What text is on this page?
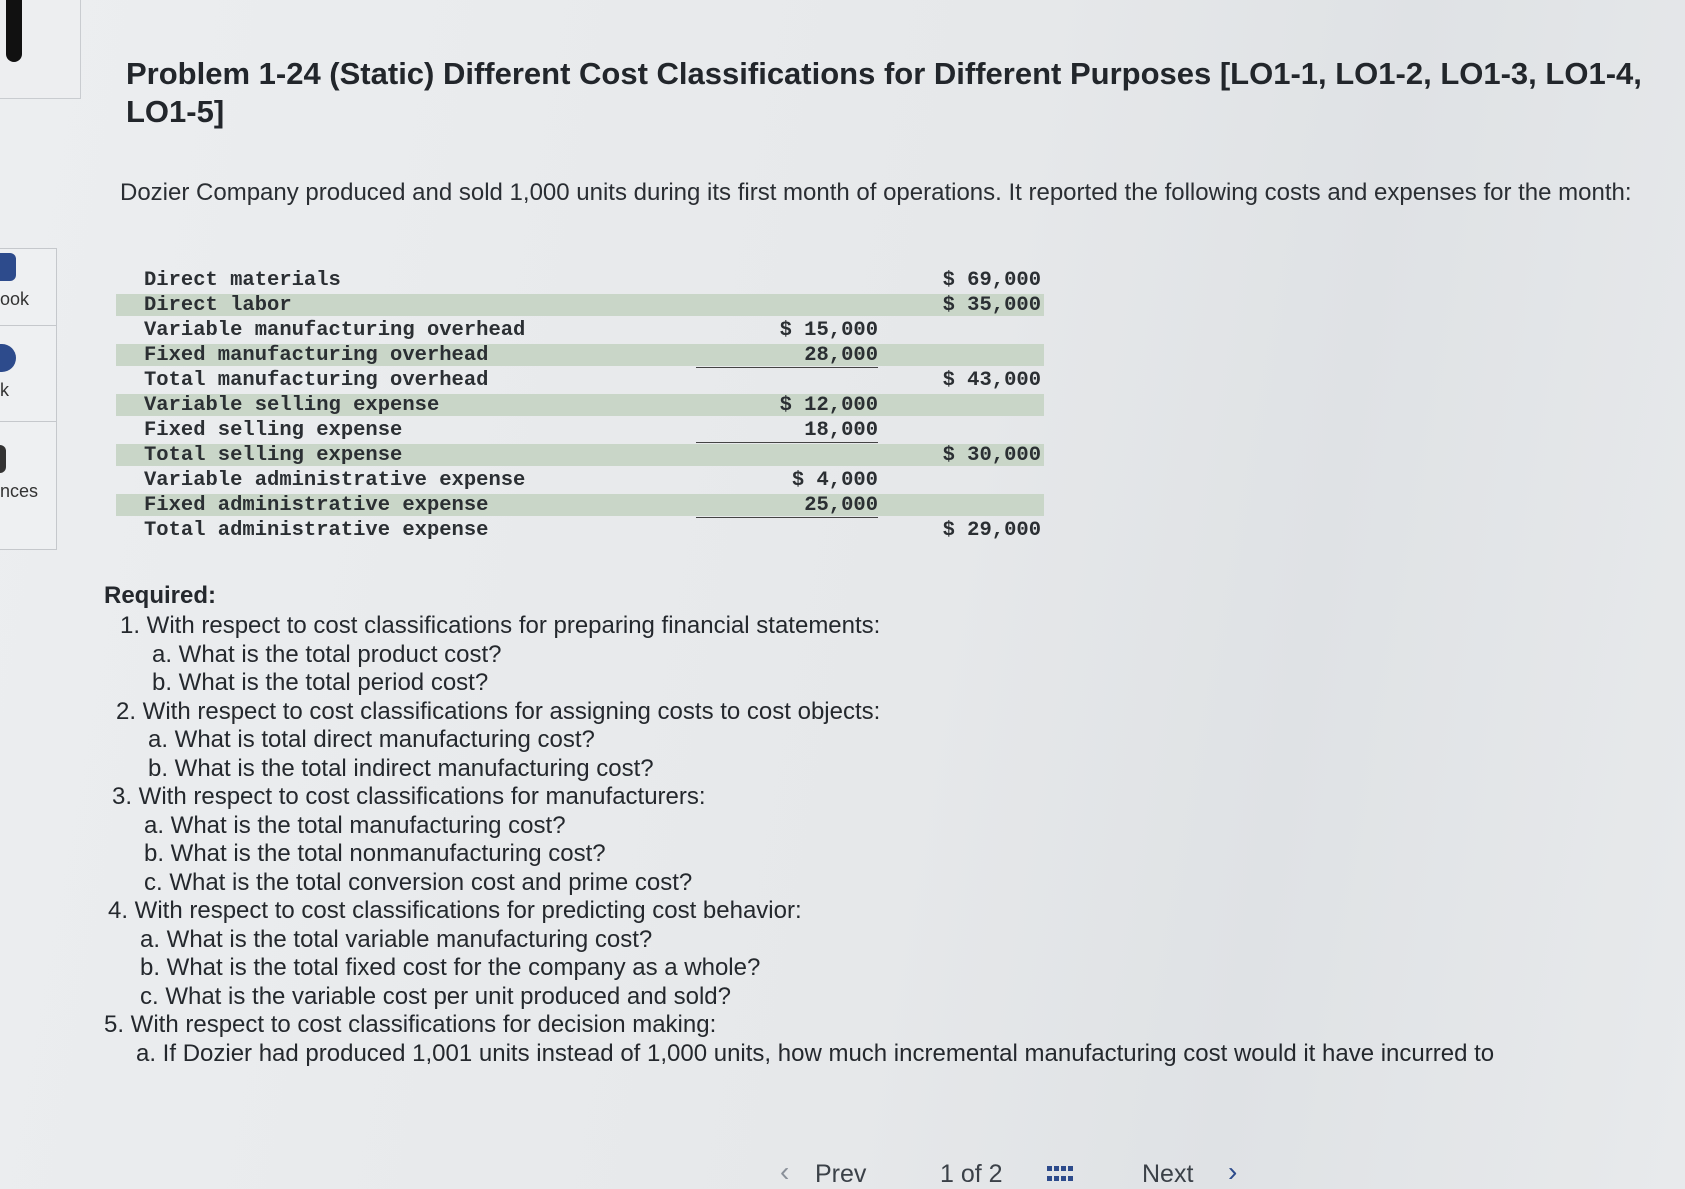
ook
k
nces
Problem 1-24 (Static) Different Cost Classifications for Different Purposes [LO1-1, LO1-2, LO1-3, LO1-4, LO1-5]
Dozier Company produced and sold 1,000 units during its first month of operations. It reported the following costs and expenses for the month:
Direct materials	$ 69,000
Direct labor	$ 35,000
Variable manufacturing overhead	$ 15,000
Fixed manufacturing overhead	28,000
Total manufacturing overhead	$ 43,000
Variable selling expense	$ 12,000
Fixed selling expense	18,000
Total selling expense	$ 30,000
Variable administrative expense	$ 4,000
Fixed administrative expense	25,000
Total administrative expense	$ 29,000
Required:
1. With respect to cost classifications for preparing financial statements:
a. What is the total product cost?
b. What is the total period cost?
2. With respect to cost classifications for assigning costs to cost objects:
a. What is total direct manufacturing cost?
b. What is the total indirect manufacturing cost?
3. With respect to cost classifications for manufacturers:
a. What is the total manufacturing cost?
b. What is the total nonmanufacturing cost?
c. What is the total conversion cost and prime cost?
4. With respect to cost classifications for predicting cost behavior:
a. What is the total variable manufacturing cost?
b. What is the total fixed cost for the company as a whole?
c. What is the variable cost per unit produced and sold?
5. With respect to cost classifications for decision making:
a. If Dozier had produced 1,001 units instead of 1,000 units, how much incremental manufacturing cost would it have incurred to
‹ Prev	1 of 2	Next ›
